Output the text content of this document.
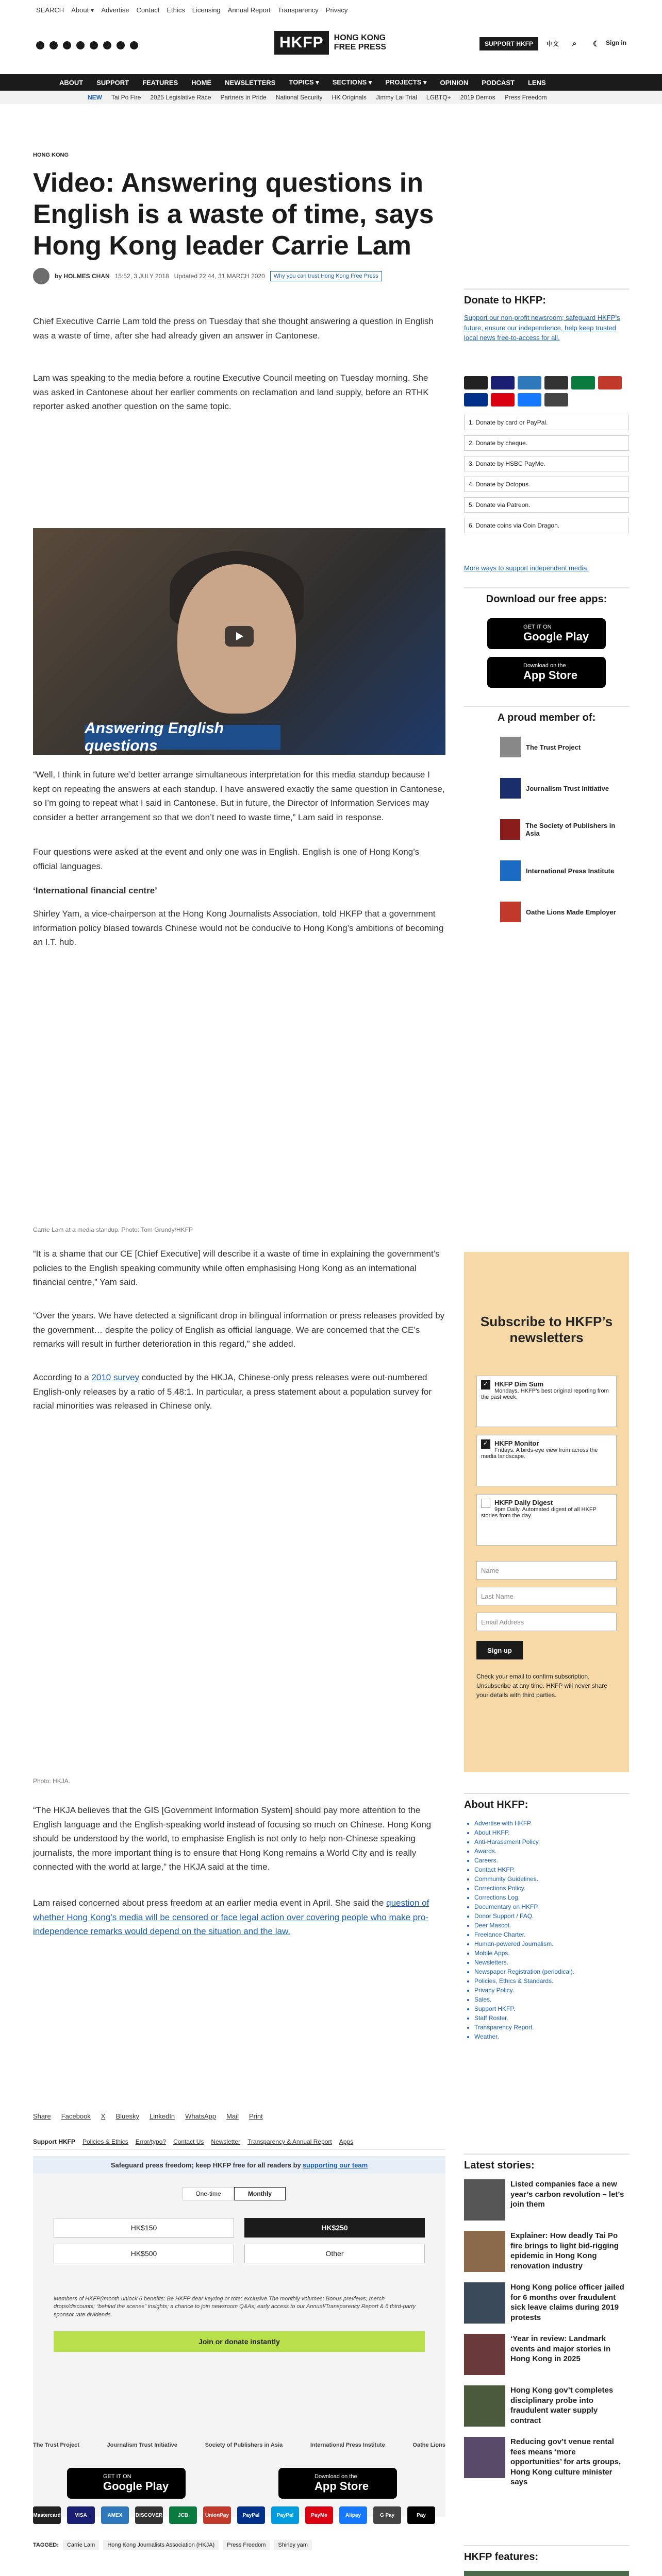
SEARCH About ▾ Advertise Contact Ethics Licensing Annual Report Transparency Privacy
HKFP	HONG KONG
FREE PRESS	SUPPORT HKFP	中文 ⌕ ☾ Sign in
ABOUT SUPPORT FEATURES HOME NEWSLETTERS TOPICS ▾ SECTIONS ▾ PROJECTS ▾ OPINION PODCAST LENS
NEW Tai Po Fire 2025 Legislative Race Partners in Pride National Security HK Originals Jimmy Lai Trial LGBTQ+ 2019 Demos Press Freedom
HONG KONG
Video: Answering questions in English is a waste of time, says Hong Kong leader Carrie Lam
by HOLMES CHAN 15:52, 3 JULY 2018 Updated 22:44, 31 MARCH 2020	Why you can trust Hong Kong Free Press

Chief Executive Carrie Lam told the press on Tuesday that she thought answering a question in English was a waste of time, after she had already given an answer in Cantonese.

Lam was speaking to the media before a routine Executive Council meeting on Tuesday morning. She was asked in Cantonese about her earlier comments on reclamation and land supply, before an RTHK reporter asked another question on the same topic.

Answering English questions

“Well, I think in future we’d better arrange simultaneous interpretation for this media standup because I kept on repeating the answers at each standup. I have answered exactly the same question in Cantonese, so I’m going to repeat what I said in Cantonese. But in future, the Director of Information Services may consider a better arrangement so that we don’t need to waste time,” Lam said in response.

Four questions were asked at the event and only one was in English. English is one of Hong Kong’s official languages.

‘International financial centre’

Shirley Yam, a vice-chairperson at the Hong Kong Journalists Association, told HKFP that a government information policy biased towards Chinese would not be conducive to Hong Kong’s ambitions of becoming an I.T. hub.

Carrie Lam at a media standup. Photo: Tom Grundy/HKFP

“It is a shame that our CE [Chief Executive] will describe it a waste of time in explaining the government’s policies to the English speaking community while often emphasising Hong Kong as an international financial centre,” Yam said.

“Over the years. We have detected a significant drop in bilingual information or press releases provided by the government… despite the policy of English as official language. We are concerned that the CE’s remarks will result in further deterioration in this regard,” she added.

According to a 2010 survey conducted by the HKJA, Chinese-only press releases were out-numbered English-only releases by a ratio of 5.48:1. In particular, a press statement about a population survey for racial minorities was released in Chinese only.

Photo: HKJA.

“The HKJA believes that the GIS [Government Information System] should pay more attention to the English language and the English-speaking world instead of focusing so much on Chinese. Hong Kong should be understood by the world, to emphasise English is not only to help non-Chinese speaking journalists, the more important thing is to ensure that Hong Kong remains a World City and is really connected with the world at large,” the HKJA said at the time.

Lam raised concerned about press freedom at an earlier media event in April. She said the question of whether Hong Kong’s media will be censored or face legal action over covering people who make pro-independence remarks would depend on the situation and the law.

Share Facebook X Bluesky LinkedIn WhatsApp Mail Print
Support HKFP Policies & Ethics Error/typo? Contact Us Newsletter Transparency & Annual Report Apps
Safeguard press freedom; keep HKFP free for all readers by supporting our team
One-time	Monthly
HK$150	HK$250
HK$500	Other

Members of HKFP(/month unlock 6 benefits: Be HKFP dear keyring or tote; exclusive The monthly volumes; Bonus previews; merch drops/discounts; “behind the scenes” insights; a chance to join newsroom Q&As; early access to our Annual/Transparency Report & 6 third-party sponsor rate dividends.

Join or donate instantly
The Trust Project	Journalism Trust Initiative	Society of Publishers in Asia	International Press Institute	Oathe Lions
GET IT ON
Google Play
Download on the
App Store
Mastercard	VISA	AMEX	DISCOVER	JCB	UnionPay	PayPal	PayPal	PayMe	Alipay	G Pay	Pay
TAGGED:	Carrie Lam	Hong Kong Journalists Association (HKJA)	Press Freedom	Shirley yam

Donate to HKFP:

Support our non-profit newsroom; safeguard HKFP’s future, ensure our independence, help keep trusted local news free-to-access for all.

1. Donate by card or PayPal.
2. Donate by cheque.
3. Donate by HSBC PayMe.
4. Donate by Octopus.
5. Donate via Patreon.
6. Donate coins via Coin Dragon.
More ways to support independent media.
Download our free apps:
GET IT ON
Google Play
Download on the
App Store
A proud member of:
The Trust Project
Journalism Trust Initiative
The Society of Publishers in Asia
International Press Institute
Oathe Lions Made Employer
Subscribe to HKFP’s newsletters
✓ HKFP Dim Sum
Mondays. HKFP’s best original reporting from the past week.
✓ HKFP Monitor
Fridays. A birds-eye view from across the media landscape.
HKFP Daily Digest
9pm Daily. Automated digest of all HKFP stories from the day.
Name
Last Name
Email Address
Sign up

Check your email to confirm subscription. Unsubscribe at any time. HKFP will never share your details with third parties.

About HKFP:
• Advertise with HKFP.
• About HKFP.
• Anti-Harassment Policy.
• Awards.
• Careers.
• Contact HKFP.
• Community Guidelines.
• Corrections Policy.
• Corrections Log.
• Documentary on HKFP.
• Donor Support / FAQ.
• Deer Mascot.
• Freelance Charter.
• Human-powered Journalism.
• Mobile Apps.
• Newsletters.
• Newspaper Registration (periodical).
• Policies, Ethics & Standards.
• Privacy Policy.
• Sales.
• Support HKFP.
• Staff Roster.
• Transparency Report.
• Weather.
Latest stories:
Listed companies face a new year’s carbon revolution – let’s join them
Explainer: How deadly Tai Po fire brings to light bid-rigging epidemic in Hong Kong renovation industry
Hong Kong police officer jailed for 6 months over fraudulent sick leave claims during 2019 protests
‘Year in review: Landmark events and major stories in Hong Kong in 2025
Hong Kong gov’t completes disciplinary probe into fraudulent water supply contract
Reducing gov’t venue rental fees means ‘more opportunities’ for arts groups, Hong Kong culture minister says
HKFP features:
